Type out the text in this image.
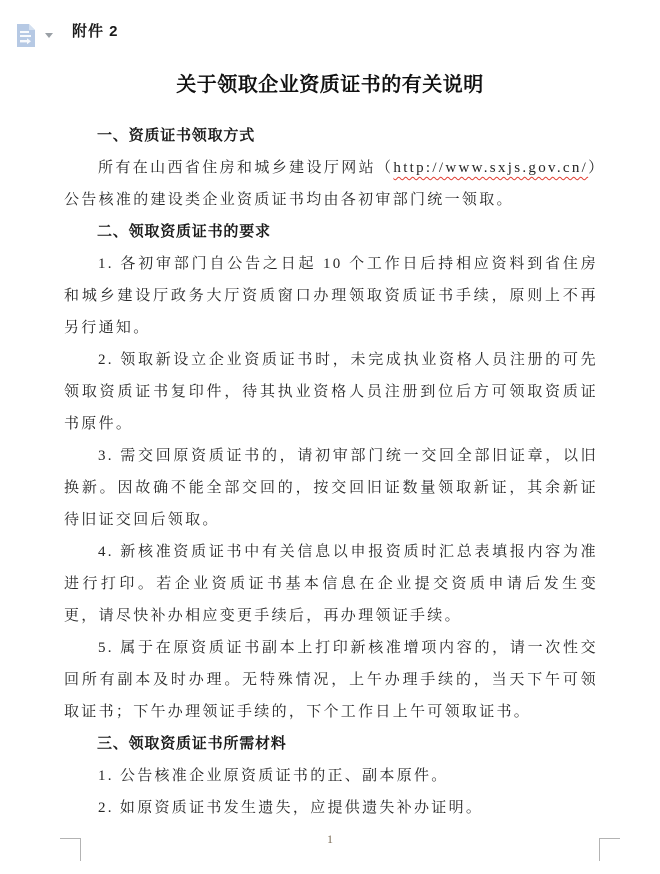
附件 2
关于领取企业资质证书的有关说明

一、资质证书领取方式

所有在山西省住房和城乡建设厅网站（http://www.sxjs.gov.cn/）公告核准的建设类企业资质证书均由各初审部门统一领取。

二、领取资质证书的要求

1. 各初审部门自公告之日起 10 个工作日后持相应资料到省住房和城乡建设厅政务大厅资质窗口办理领取资质证书手续，原则上不再另行通知。

2. 领取新设立企业资质证书时，未完成执业资格人员注册的可先领取资质证书复印件，待其执业资格人员注册到位后方可领取资质证书原件。

3. 需交回原资质证书的，请初审部门统一交回全部旧证章，以旧换新。因故确不能全部交回的，按交回旧证数量领取新证，其余新证待旧证交回后领取。

4. 新核准资质证书中有关信息以申报资质时汇总表填报内容为准进行打印。若企业资质证书基本信息在企业提交资质申请后发生变更，请尽快补办相应变更手续后，再办理领证手续。

5. 属于在原资质证书副本上打印新核准增项内容的，请一次性交回所有副本及时办理。无特殊情况，上午办理手续的，当天下午可领取证书；下午办理领证手续的，下个工作日上午可领取证书。

三、领取资质证书所需材料

1. 公告核准企业原资质证书的正、副本原件。

2. 如原资质证书发生遗失，应提供遗失补办证明。

1
